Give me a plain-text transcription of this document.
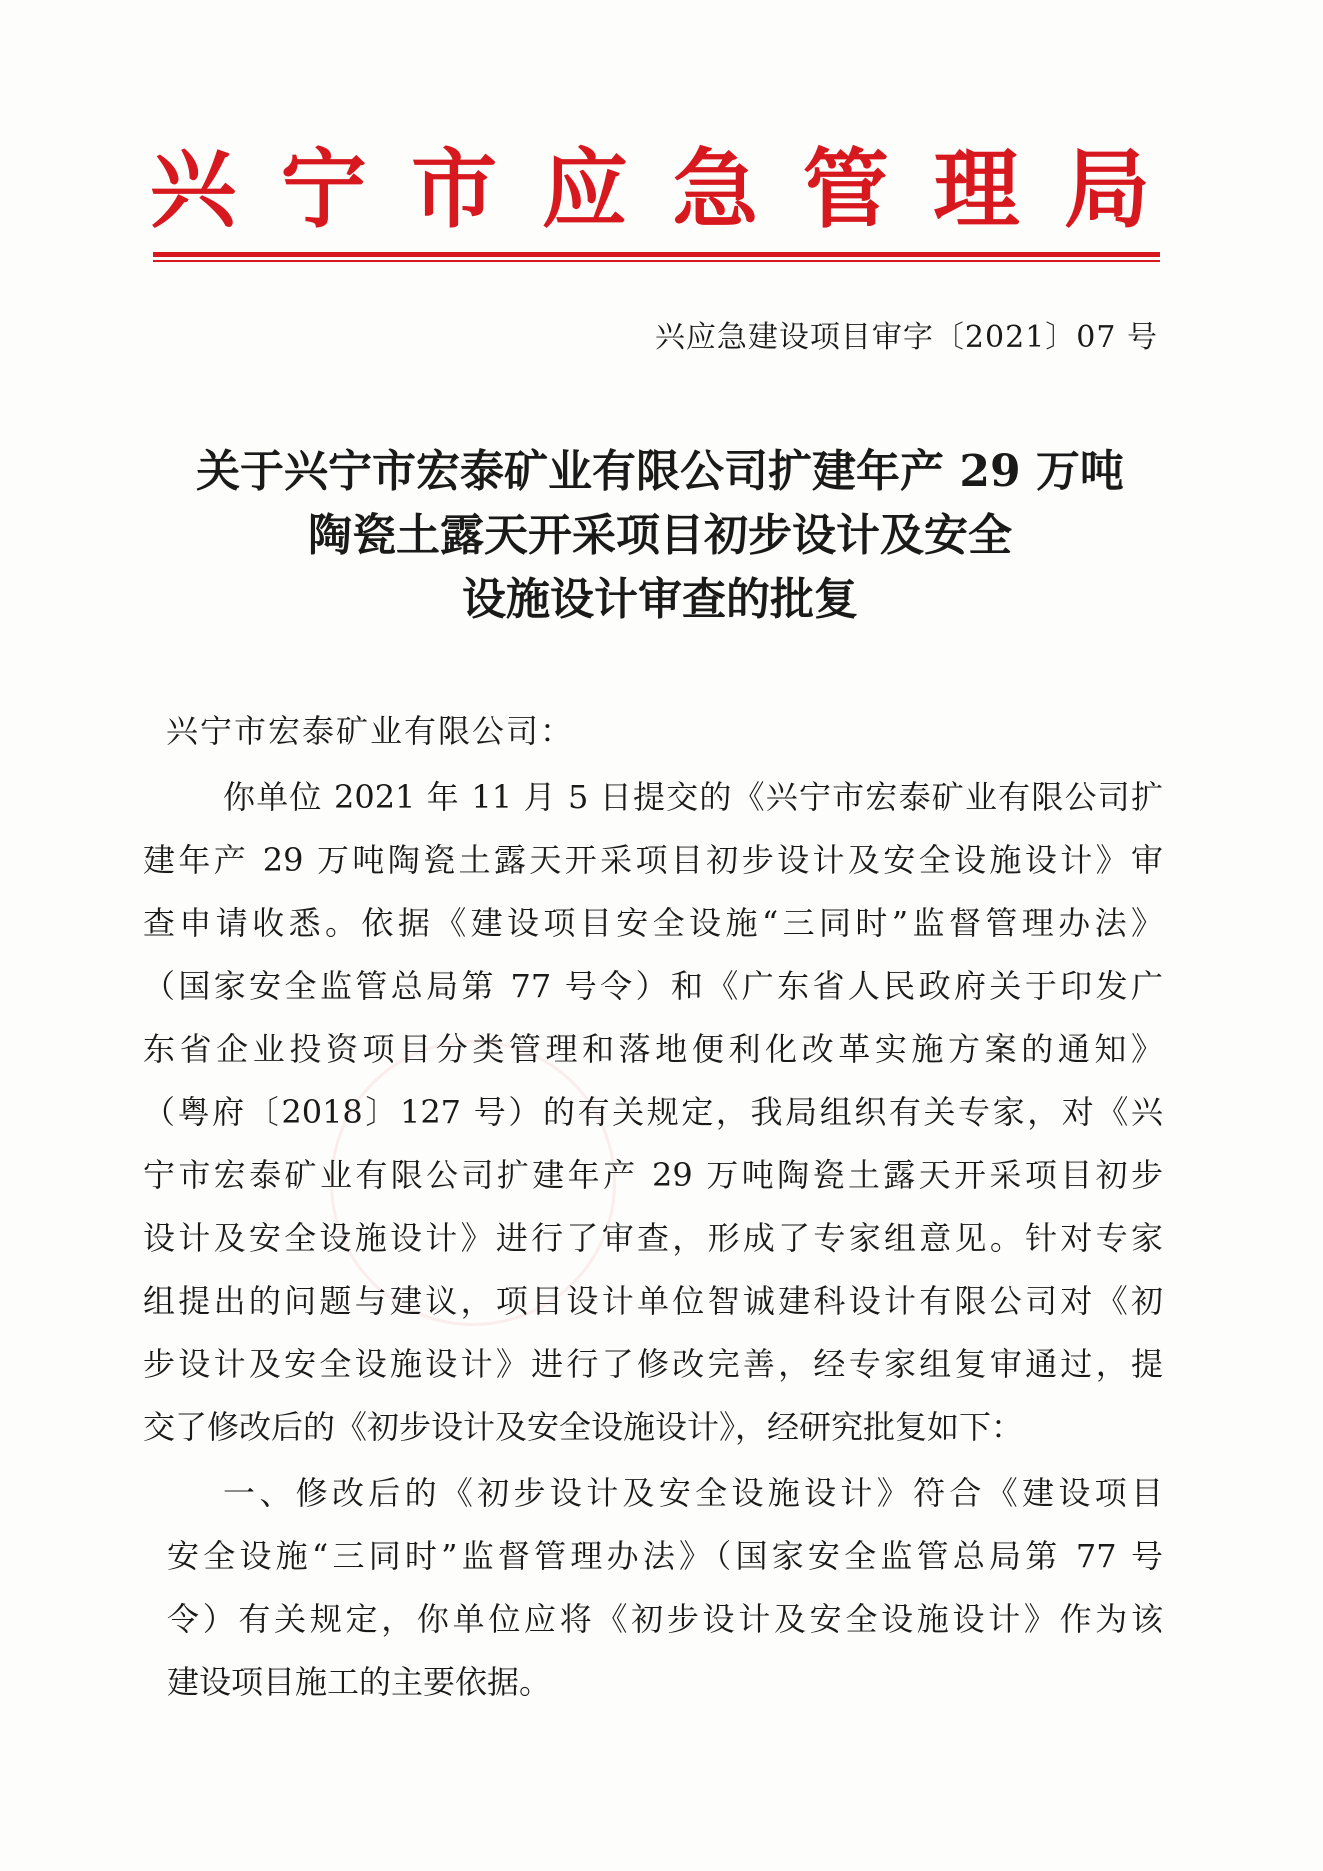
兴 宁 市 应 急 管 理 局
兴应急建设项目审字〔2021〕07 号
关于兴宁市宏泰矿业有限公司扩建年产 29 万吨
陶瓷土露天开采项目初步设计及安全
设施设计审查的批复
兴宁市宏泰矿业有限公司：
你单位 2021 年 11 月 5 日提交的《兴宁市宏泰矿业有限公司扩
建年产 29 万吨陶瓷土露天开采项目初步设计及安全设施设计》审
查申请收悉。依据《建设项目安全设施“三同时”监督管理办法》
（国家安全监管总局第 77 号令）和《广东省人民政府关于印发广
东省企业投资项目分类管理和落地便利化改革实施方案的通知》
（粤府〔2018〕127 号）的有关规定，我局组织有关专家，对《兴
宁市宏泰矿业有限公司扩建年产 29 万吨陶瓷土露天开采项目初步
设计及安全设施设计》进行了审查，形成了专家组意见。针对专家
组提出的问题与建议，项目设计单位智诚建科设计有限公司对《初
步设计及安全设施设计》进行了修改完善，经专家组复审通过，提
交了修改后的《初步设计及安全设施设计》，经研究批复如下：
一、修改后的《初步设计及安全设施设计》符合《建设项目
安全设施“三同时”监督管理办法》（国家安全监管总局第 77 号
令）有关规定，你单位应将《初步设计及安全设施设计》作为该
建设项目施工的主要依据。
